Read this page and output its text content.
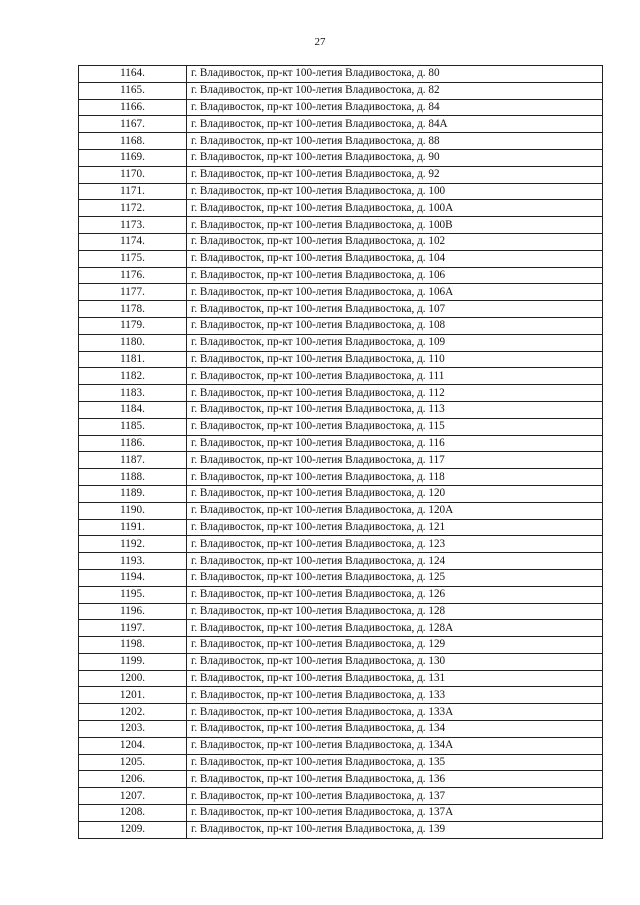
27
1164.	г. Владивосток, пр-кт 100-летия Владивостока, д. 80
1165.	г. Владивосток, пр-кт 100-летия Владивостока, д. 82
1166.	г. Владивосток, пр-кт 100-летия Владивостока, д. 84
1167.	г. Владивосток, пр-кт 100-летия Владивостока, д. 84А
1168.	г. Владивосток, пр-кт 100-летия Владивостока, д. 88
1169.	г. Владивосток, пр-кт 100-летия Владивостока, д. 90
1170.	г. Владивосток, пр-кт 100-летия Владивостока, д. 92
1171.	г. Владивосток, пр-кт 100-летия Владивостока, д. 100
1172.	г. Владивосток, пр-кт 100-летия Владивостока, д. 100А
1173.	г. Владивосток, пр-кт 100-летия Владивостока, д. 100В
1174.	г. Владивосток, пр-кт 100-летия Владивостока, д. 102
1175.	г. Владивосток, пр-кт 100-летия Владивостока, д. 104
1176.	г. Владивосток, пр-кт 100-летия Владивостока, д. 106
1177.	г. Владивосток, пр-кт 100-летия Владивостока, д. 106А
1178.	г. Владивосток, пр-кт 100-летия Владивостока, д. 107
1179.	г. Владивосток, пр-кт 100-летия Владивостока, д. 108
1180.	г. Владивосток, пр-кт 100-летия Владивостока, д. 109
1181.	г. Владивосток, пр-кт 100-летия Владивостока, д. 110
1182.	г. Владивосток, пр-кт 100-летия Владивостока, д. 111
1183.	г. Владивосток, пр-кт 100-летия Владивостока, д. 112
1184.	г. Владивосток, пр-кт 100-летия Владивостока, д. 113
1185.	г. Владивосток, пр-кт 100-летия Владивостока, д. 115
1186.	г. Владивосток, пр-кт 100-летия Владивостока, д. 116
1187.	г. Владивосток, пр-кт 100-летия Владивостока, д. 117
1188.	г. Владивосток, пр-кт 100-летия Владивостока, д. 118
1189.	г. Владивосток, пр-кт 100-летия Владивостока, д. 120
1190.	г. Владивосток, пр-кт 100-летия Владивостока, д. 120А
1191.	г. Владивосток, пр-кт 100-летия Владивостока, д. 121
1192.	г. Владивосток, пр-кт 100-летия Владивостока, д. 123
1193.	г. Владивосток, пр-кт 100-летия Владивостока, д. 124
1194.	г. Владивосток, пр-кт 100-летия Владивостока, д. 125
1195.	г. Владивосток, пр-кт 100-летия Владивостока, д. 126
1196.	г. Владивосток, пр-кт 100-летия Владивостока, д. 128
1197.	г. Владивосток, пр-кт 100-летия Владивостока, д. 128А
1198.	г. Владивосток, пр-кт 100-летия Владивостока, д. 129
1199.	г. Владивосток, пр-кт 100-летия Владивостока, д. 130
1200.	г. Владивосток, пр-кт 100-летия Владивостока, д. 131
1201.	г. Владивосток, пр-кт 100-летия Владивостока, д. 133
1202.	г. Владивосток, пр-кт 100-летия Владивостока, д. 133А
1203.	г. Владивосток, пр-кт 100-летия Владивостока, д. 134
1204.	г. Владивосток, пр-кт 100-летия Владивостока, д. 134А
1205.	г. Владивосток, пр-кт 100-летия Владивостока, д. 135
1206.	г. Владивосток, пр-кт 100-летия Владивостока, д. 136
1207.	г. Владивосток, пр-кт 100-летия Владивостока, д. 137
1208.	г. Владивосток, пр-кт 100-летия Владивостока, д. 137А
1209.	г. Владивосток, пр-кт 100-летия Владивостока, д. 139
